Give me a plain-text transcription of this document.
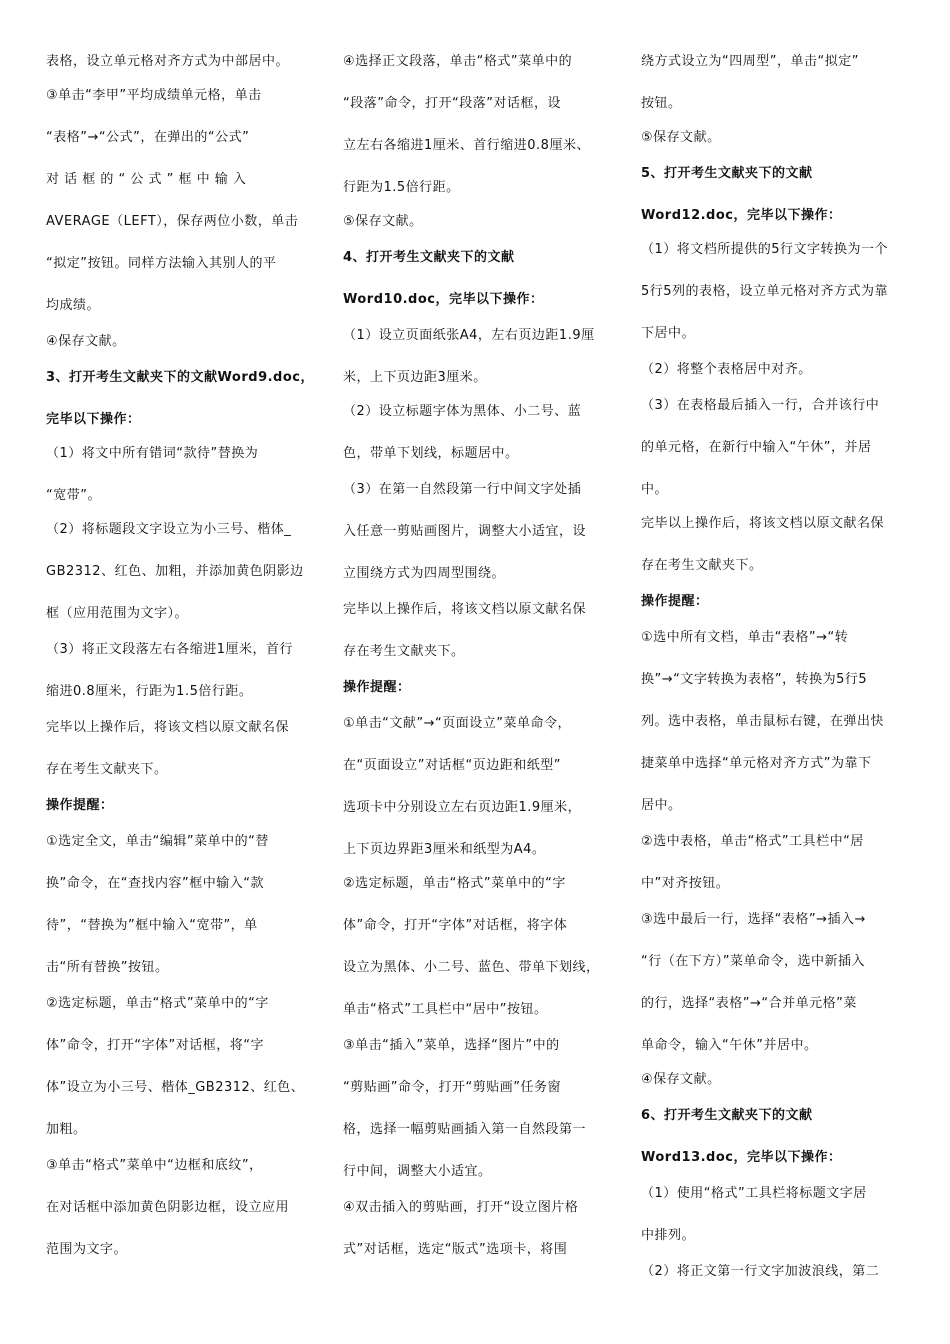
表格，设立单元格对齐方式为中部居中。
③单击“李甲”平均成绩单元格，单击
“表格”→“公式”，在弹出的“公式”
对 话 框 的 “ 公 式 ” 框 中 输 入
AVERAGE（LEFT），保存两位小数，单击
“拟定”按钮。同样方法输入其别人的平
均成绩。
④保存文献。
3、打开考生文献夹下的文献Word9.doc，
完毕以下操作：
（1）将文中所有错词“款待”替换为
“宽带”。
（2）将标题段文字设立为小三号、楷体_
GB2312、红色、加粗，并添加黄色阴影边
框（应用范围为文字）。
（3）将正文段落左右各缩进1厘米，首行
缩进0.8厘米，行距为1.5倍行距。
完毕以上操作后，将该文档以原文献名保
存在考生文献夹下。
操作提醒：
①选定全文，单击“编辑”菜单中的“替
换”命令，在“查找内容”框中输入“款
待”，“替换为”框中输入“宽带”，单
击“所有替换”按钮。
②选定标题，单击“格式”菜单中的“字
体”命令，打开“字体”对话框，将“字
体”设立为小三号、楷体_GB2312、红色、
加粗。
③单击“格式”菜单中“边框和底纹”，
在对话框中添加黄色阴影边框，设立应用
范围为文字。
④选择正文段落，单击“格式”菜单中的
“段落”命令，打开“段落”对话框，设
立左右各缩进1厘米、首行缩进0.8厘米、
行距为1.5倍行距。
⑤保存文献。
4、打开考生文献夹下的文献
Word10.doc，完毕以下操作：
（1）设立页面纸张A4，左右页边距1.9厘
米，上下页边距3厘米。
（2）设立标题字体为黑体、小二号、蓝
色，带单下划线，标题居中。
（3）在第一自然段第一行中间文字处插
入任意一剪贴画图片，调整大小适宜，设
立围绕方式为四周型围绕。
完毕以上操作后，将该文档以原文献名保
存在考生文献夹下。
操作提醒：
①单击“文献”→“页面设立”菜单命令，
在“页面设立”对话框“页边距和纸型”
选项卡中分别设立左右页边距1.9厘米，
上下页边界距3厘米和纸型为A4。
②选定标题，单击“格式”菜单中的“字
体”命令，打开“字体”对话框，将字体
设立为黑体、小二号、蓝色、带单下划线，
单击“格式”工具栏中“居中”按钮。
③单击“插入”菜单，选择“图片”中的
“剪贴画”命令，打开“剪贴画”任务窗
格，选择一幅剪贴画插入第一自然段第一
行中间，调整大小适宜。
④双击插入的剪贴画，打开“设立图片格
式”对话框，选定“版式”选项卡，将围
绕方式设立为“四周型”，单击“拟定”
按钮。
⑤保存文献。
5、打开考生文献夹下的文献
Word12.doc，完毕以下操作：
（1）将文档所提供的5行文字转换为一个
5行5列的表格，设立单元格对齐方式为靠
下居中。
（2）将整个表格居中对齐。
（3）在表格最后插入一行，合并该行中
的单元格，在新行中输入“午休”，并居
中。
完毕以上操作后，将该文档以原文献名保
存在考生文献夹下。
操作提醒：
①选中所有文档，单击“表格”→“转
换”→“文字转换为表格”，转换为5行5
列。选中表格，单击鼠标右键，在弹出快
捷菜单中选择“单元格对齐方式”为靠下
居中。
②选中表格，单击“格式”工具栏中“居
中”对齐按钮。
③选中最后一行，选择“表格”→插入→
“行（在下方）”菜单命令，选中新插入
的行，选择“表格”→“合并单元格”菜
单命令，输入“午休”并居中。
④保存文献。
6、打开考生文献夹下的文献
Word13.doc，完毕以下操作：
（1）使用“格式”工具栏将标题文字居
中排列。
（2）将正文第一行文字加波浪线，第二
